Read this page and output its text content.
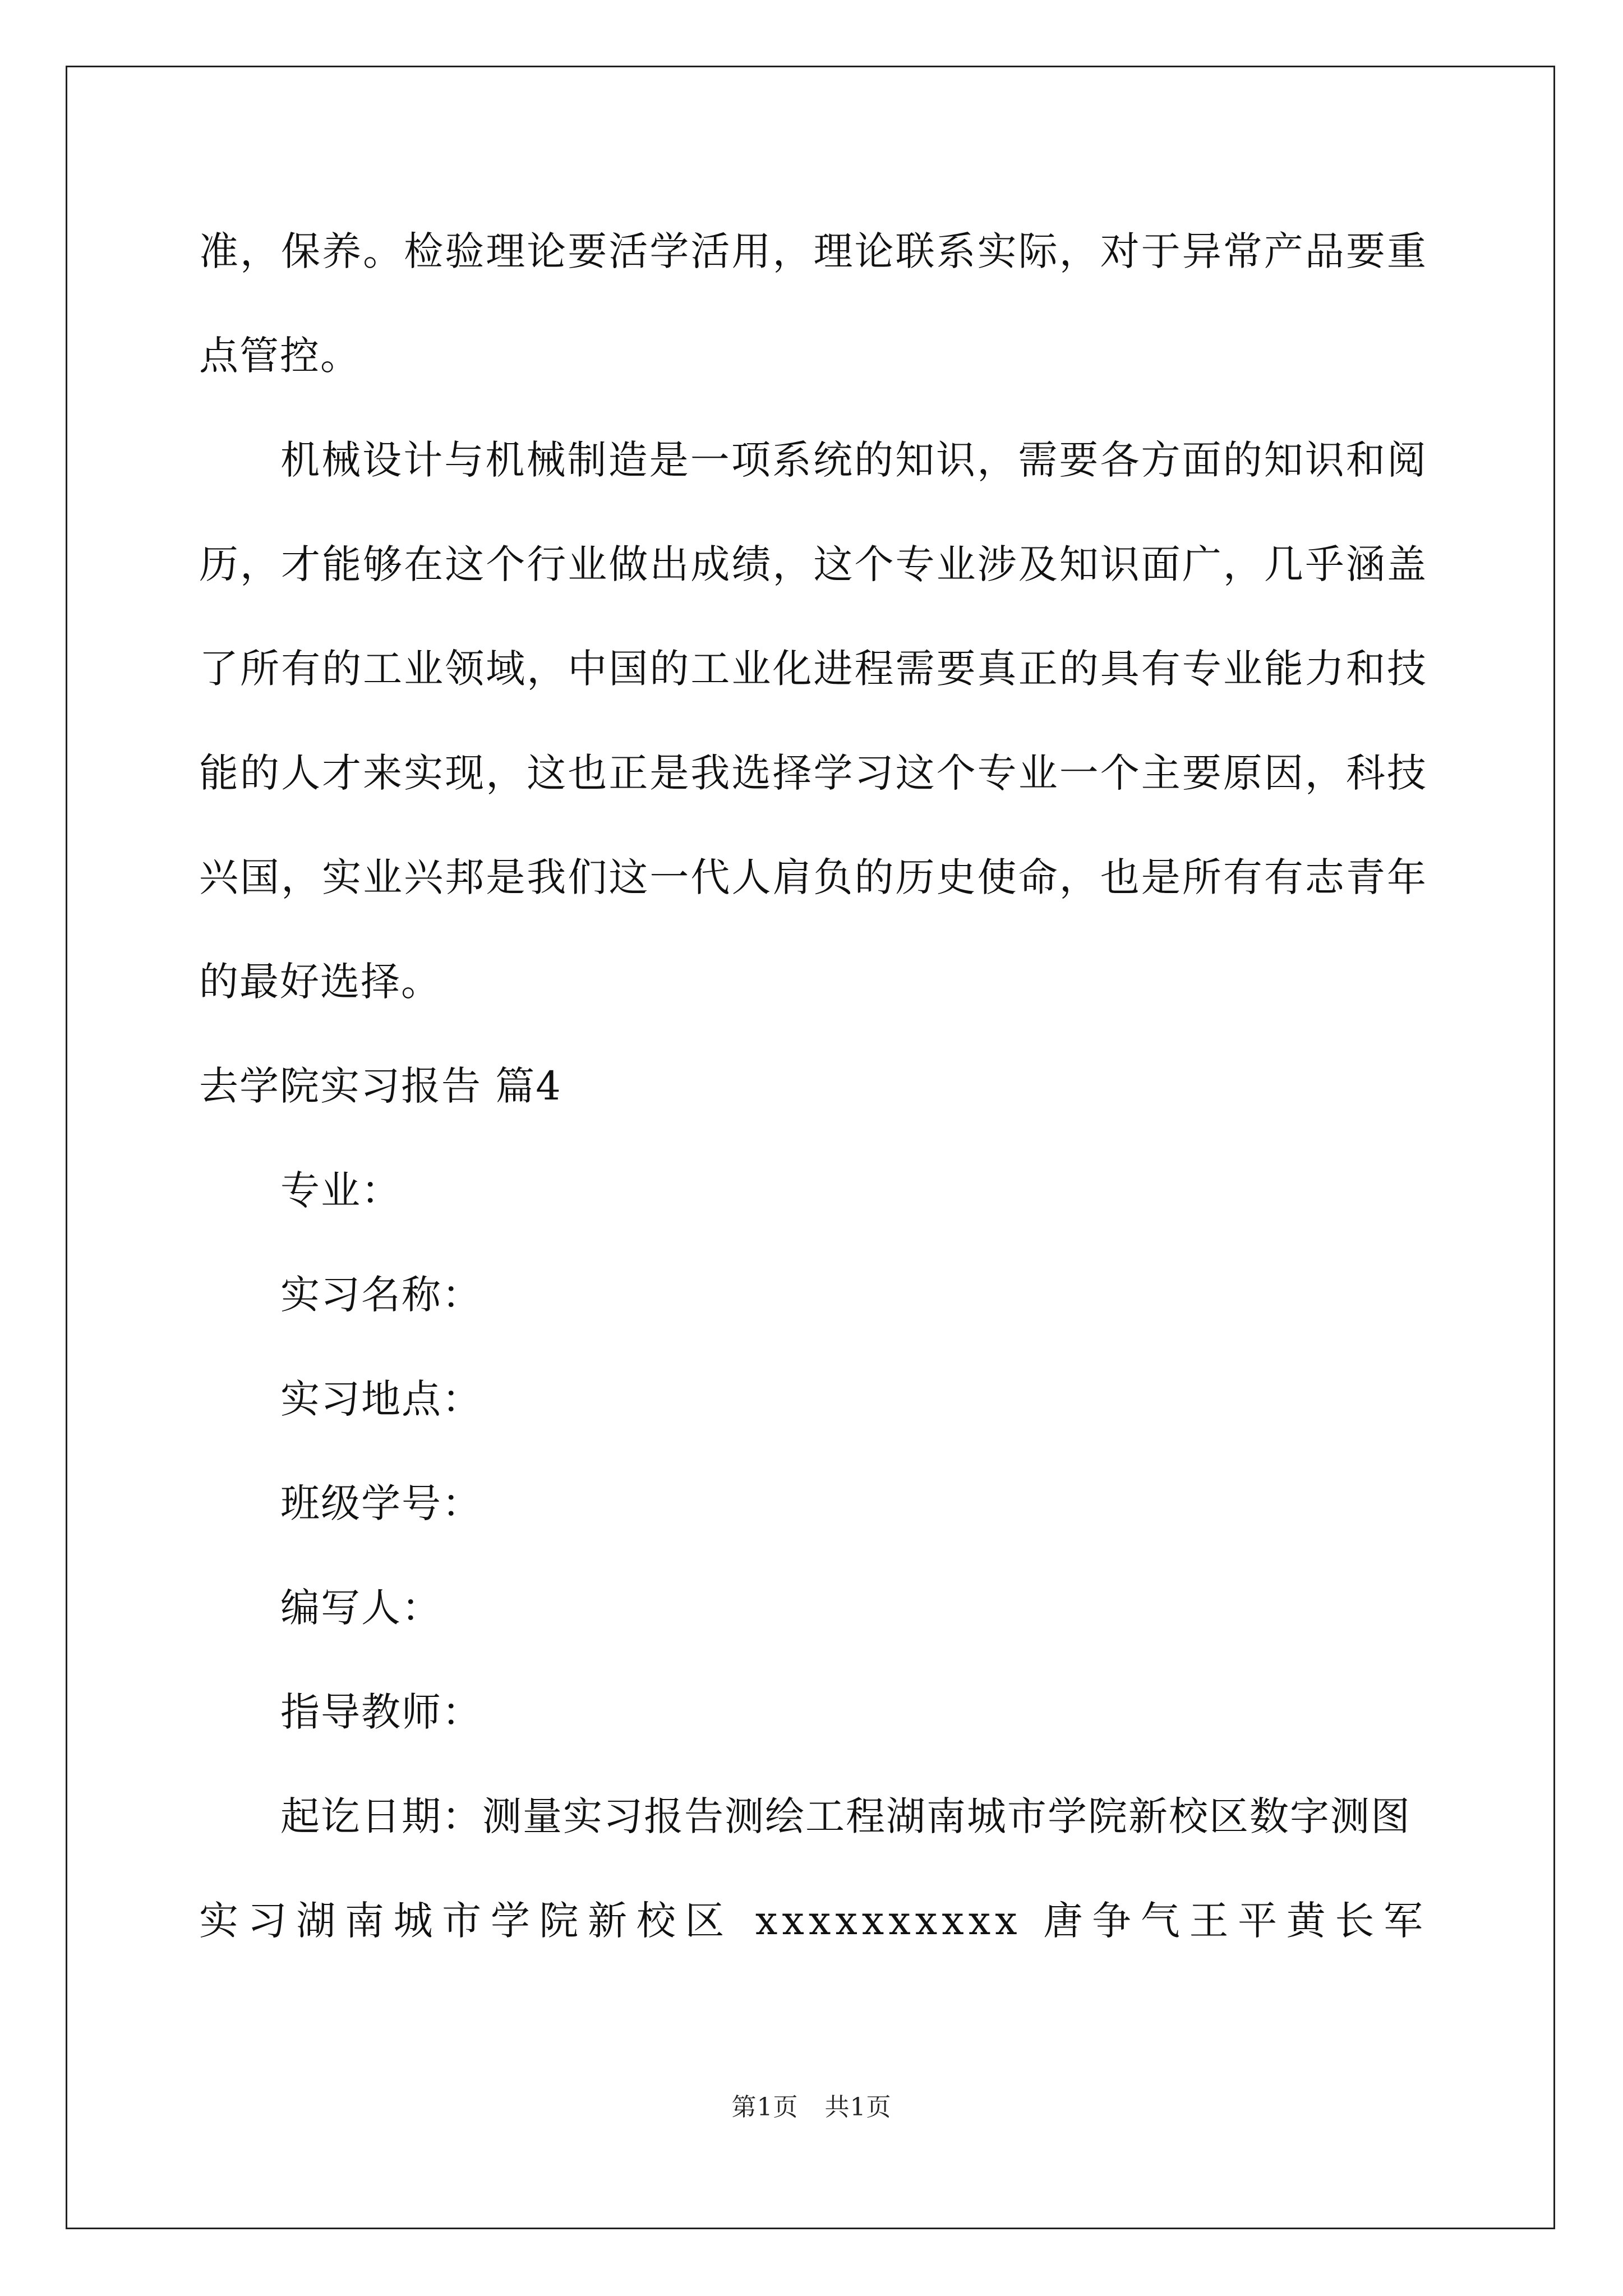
准，保养。检验理论要活学活用，理论联系实际，对于异常产品要重点管控。

机械设计与机械制造是一项系统的知识，需要各方面的知识和阅历，才能够在这个行业做出成绩，这个专业涉及知识面广，几乎涵盖了所有的工业领域，中国的工业化进程需要真正的具有专业能力和技能的人才来实现，这也正是我选择学习这个专业一个主要原因，科技兴国，实业兴邦是我们这一代人肩负的历史使命，也是所有有志青年的最好选择。

去学院实习报告 篇4

专业：

实习名称：

实习地点：

班级学号：

编写人：

指导教师：

起讫日期：测量实习报告测绘工程湖南城市学院新校区数字测图

实习湖南城市学院新校区 xxxxxxxxxx 唐争气王平黄长军

第1页 共1页
